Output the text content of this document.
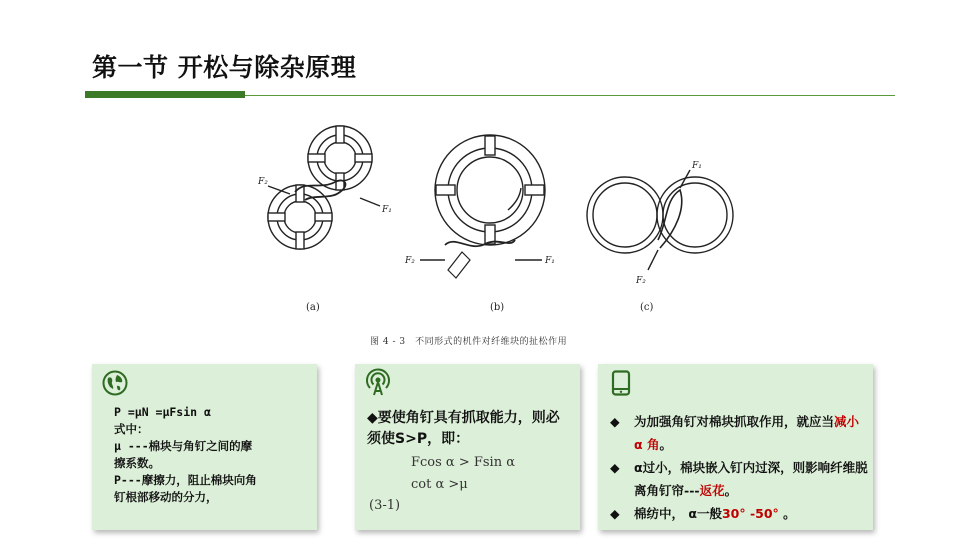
第一节 开松与除杂原理
F₂
F₁
F₂	F₁
F₁
F₂
(a)	(b)	(c)
图 4 - 3　不同形式的机件对纤维块的扯松作用
P =μN =μFsin α
式中：
μ ---棉块与角钉之间的摩
擦系数。
P---摩擦力，阻止棉块向角
钉根部移动的分力，
◆要使角钉具有抓取能力，则必须使S>P，即：
Fcos α > Fsin α
cot α >μ
(3-1)
◆ 为加强角钉对棉块抓取作用，就应当减小 α 角。
◆ α过小，棉块嵌入钉内过深，则影响纤维脱离角钉帘---返花。
◆ 棉纺中， α一般30° -50° 。
